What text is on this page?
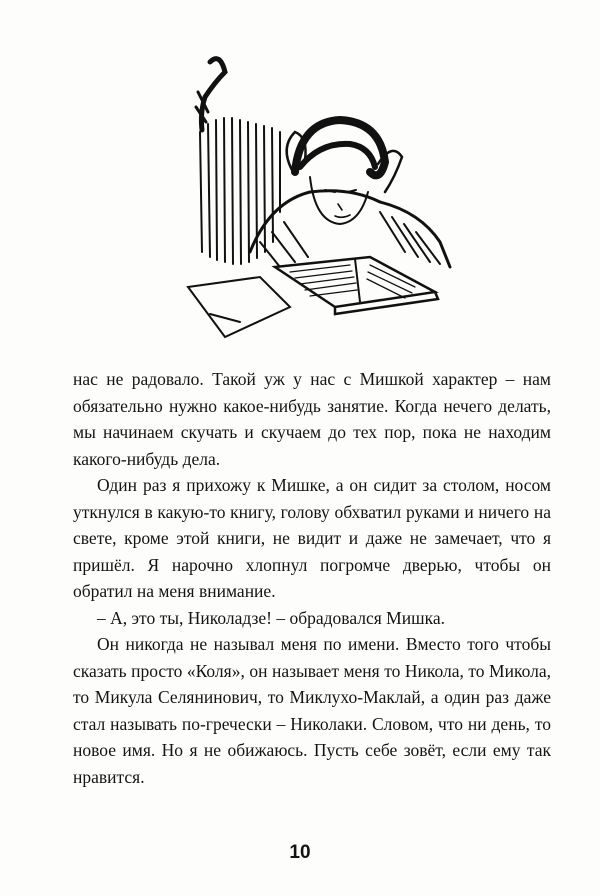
нас не радовало. Такой уж у нас с Мишкой характер – нам обязательно нужно какое-нибудь занятие. Когда нечего делать, мы начинаем скучать и скучаем до тех пор, пока не находим какого-нибудь дела.

Один раз я прихожу к Мишке, а он сидит за столом, носом уткнулся в какую-то книгу, голову обхватил руками и ничего на свете, кроме этой книги, не видит и даже не замечает, что я пришёл. Я нарочно хлопнул погромче дверью, чтобы он обратил на меня внимание.

– А, это ты, Николадзе! – обрадовался Мишка.

Он никогда не называл меня по имени. Вместо того чтобы сказать просто «Коля», он называет меня то Никола, то Микола, то Микула Селянинович, то Миклухо-Маклай, а один раз даже стал называть по-гречески – Николаки. Словом, что ни день, то новое имя. Но я не обижаюсь. Пусть себе зовёт, если ему так нравится.

10
